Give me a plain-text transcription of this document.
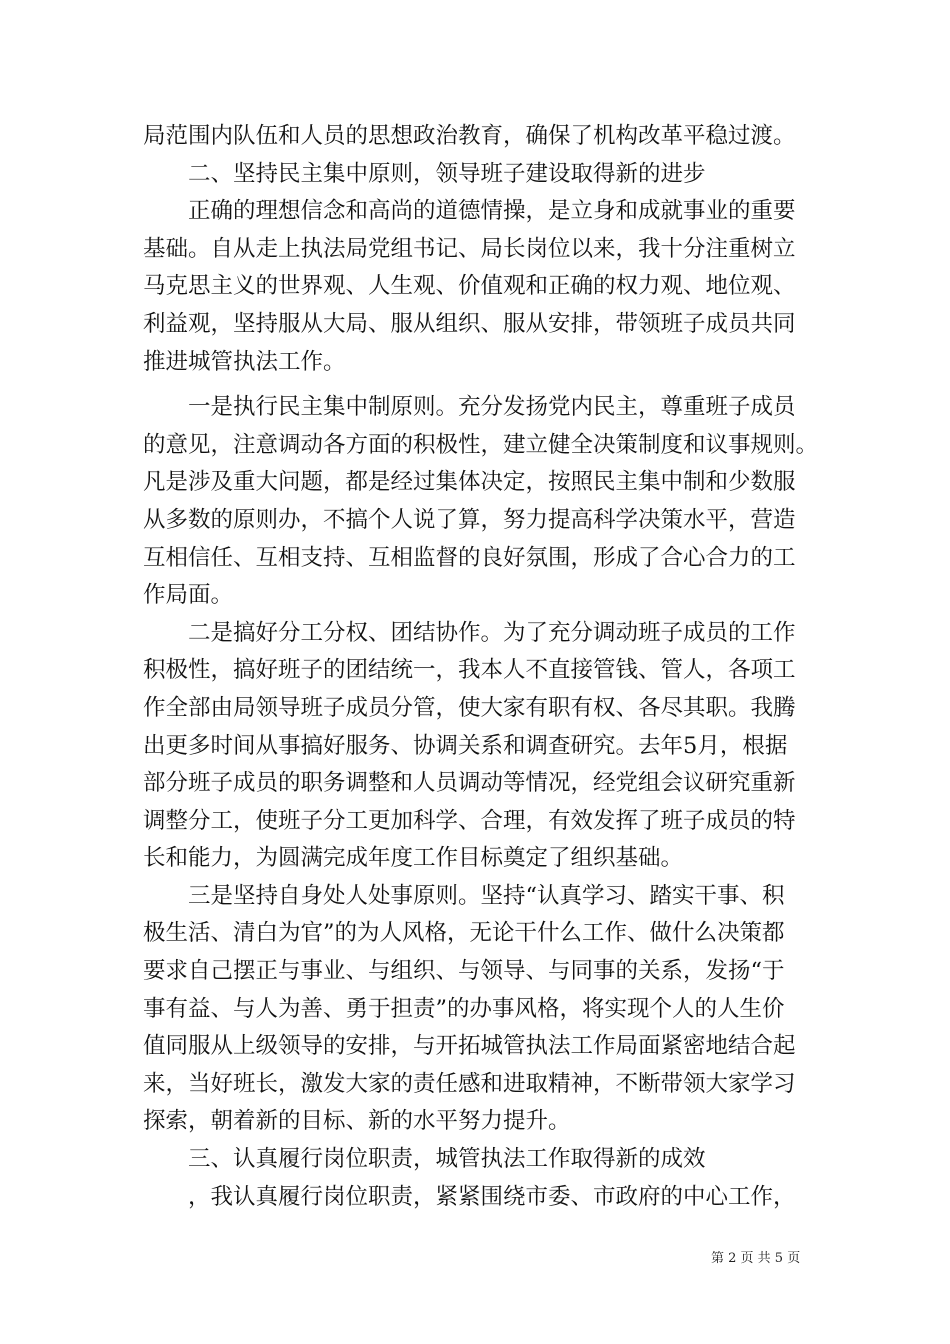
局范围内队伍和人员的思想政治教育，确保了机构改革平稳过渡。
　　二、坚持民主集中原则，领导班子建设取得新的进步
　　正确的理想信念和高尚的道德情操，是立身和成就事业的重要
基础。自从走上执法局党组书记、局长岗位以来，我十分注重树立
马克思主义的世界观、人生观、价值观和正确的权力观、地位观、
利益观，坚持服从大局、服从组织、服从安排，带领班子成员共同
推进城管执法工作。
　　一是执行民主集中制原则。充分发扬党内民主，尊重班子成员
的意见，注意调动各方面的积极性，建立健全决策制度和议事规则。
凡是涉及重大问题，都是经过集体决定，按照民主集中制和少数服
从多数的原则办，不搞个人说了算，努力提高科学决策水平，营造
互相信任、互相支持、互相监督的良好氛围，形成了合心合力的工
作局面。
　　二是搞好分工分权、团结协作。为了充分调动班子成员的工作
积极性，搞好班子的团结统一，我本人不直接管钱、管人，各项工
作全部由局领导班子成员分管，使大家有职有权、各尽其职。我腾
出更多时间从事搞好服务、协调关系和调查研究。去年5月，根据
部分班子成员的职务调整和人员调动等情况，经党组会议研究重新
调整分工，使班子分工更加科学、合理，有效发挥了班子成员的特
长和能力，为圆满完成年度工作目标奠定了组织基础。
　　三是坚持自身处人处事原则。坚持“认真学习、踏实干事、积
极生活、清白为官”的为人风格，无论干什么工作、做什么决策都
要求自己摆正与事业、与组织、与领导、与同事的关系，发扬“于
事有益、与人为善、勇于担责”的办事风格，将实现个人的人生价
值同服从上级领导的安排，与开拓城管执法工作局面紧密地结合起
来，当好班长，激发大家的责任感和进取精神，不断带领大家学习
探索，朝着新的目标、新的水平努力提升。
　　三、认真履行岗位职责，城管执法工作取得新的成效
　　，我认真履行岗位职责，紧紧围绕市委、市政府的中心工作，
第 2 页 共 5 页
